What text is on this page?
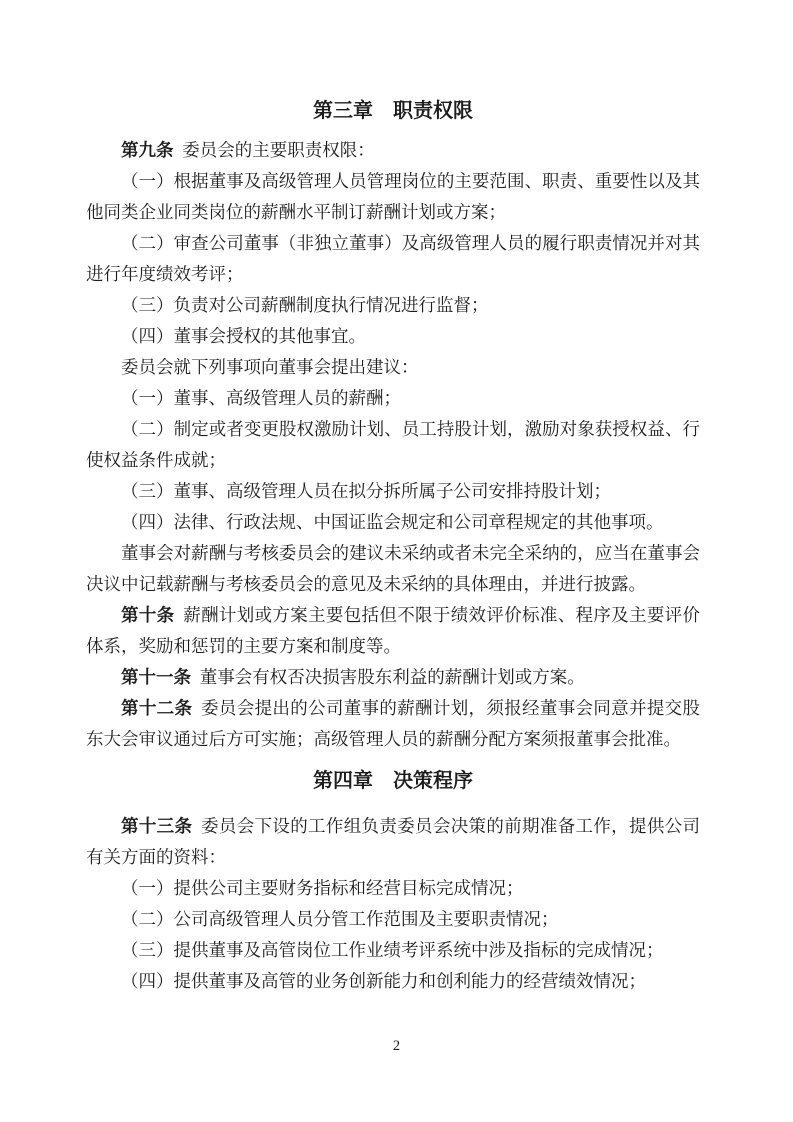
第三章　职责权限

第九条 委员会的主要职责权限：

（一）根据董事及高级管理人员管理岗位的主要范围、职责、重要性以及其他同类企业同类岗位的薪酬水平制订薪酬计划或方案；

（二）审查公司董事（非独立董事）及高级管理人员的履行职责情况并对其进行年度绩效考评；

（三）负责对公司薪酬制度执行情况进行监督；

（四）董事会授权的其他事宜。

委员会就下列事项向董事会提出建议：

（一）董事、高级管理人员的薪酬；

（二）制定或者变更股权激励计划、员工持股计划，激励对象获授权益、行使权益条件成就；

（三）董事、高级管理人员在拟分拆所属子公司安排持股计划；

（四）法律、行政法规、中国证监会规定和公司章程规定的其他事项。

董事会对薪酬与考核委员会的建议未采纳或者未完全采纳的，应当在董事会决议中记载薪酬与考核委员会的意见及未采纳的具体理由，并进行披露。

第十条 薪酬计划或方案主要包括但不限于绩效评价标准、程序及主要评价体系，奖励和惩罚的主要方案和制度等。

第十一条 董事会有权否决损害股东利益的薪酬计划或方案。

第十二条 委员会提出的公司董事的薪酬计划，须报经董事会同意并提交股东大会审议通过后方可实施；高级管理人员的薪酬分配方案须报董事会批准。

第四章　决策程序

第十三条 委员会下设的工作组负责委员会决策的前期准备工作，提供公司有关方面的资料：

（一）提供公司主要财务指标和经营目标完成情况；

（二）公司高级管理人员分管工作范围及主要职责情况；

（三）提供董事及高管岗位工作业绩考评系统中涉及指标的完成情况；

（四）提供董事及高管的业务创新能力和创利能力的经营绩效情况；

2
